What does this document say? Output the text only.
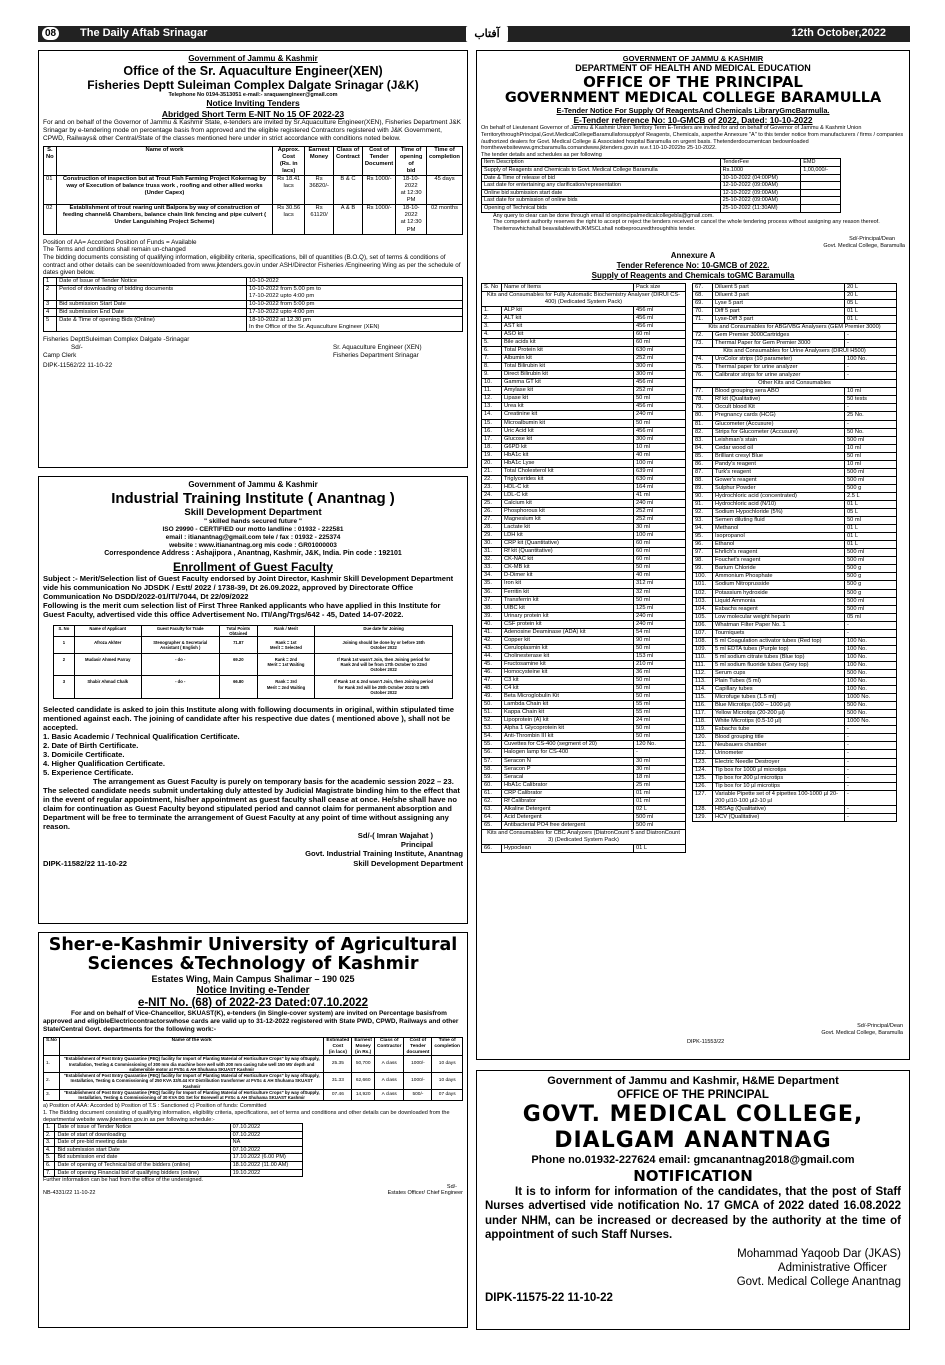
08 The Daily Aftab Srinagar	آفتاب	12th October,2022
Government of Jammu & Kashmir
Office of the Sr. Aquaculture Engineer(XEN)
Fisheries Deptt Suleiman Complex Dalgate Srinagar (J&K)
Telephone No 0194-3513051 e-mail:- sraquaengineer@gmail.com
Notice Inviting Tenders
Abridged Short Term E-NIT No 15 OF 2022-23
For and on behalf of the Governor of Jammu & Kashmir State, e-tenders are invited by Sr.Aquaculture Engineer(XEN), Fisheries Department J&K Srinagar by e-tendering mode on percentage basis from approved and the eligible registered Contractors registered with J&K Government, CPWD, Railways& other Central/State of the classes mentioned here under in strict accordance with conditions noted below.
S.
No	Name of work	Approx.
Cost
(Rs. in lacs)	Earnest
Money	Class of
Contract	Cost of
Tender
Document	Time of
opening of
bid	Time of
completion
01	Construction of inspection but at Trout Fish Farming Project Kokernag by way of Execution of balance truss work , roofing and other allied works (Under Capex)	Rs 18.41
lacs	Rs 36820/-	B & C	Rs 1000/-	18-10-2022
at 12:30 PM	45 days
02	Establishment of trout rearing unit Balpora by way of construction of feeding channel& Chambers, balance chain link fencing and pipe culvert ( Under Languishing Project Scheme)	Rs 30.56 lacs	Rs 61120/	A & B	Rs 1000/-	18-10-2022
at 12:30 PM	02 months
Position of AA= Accorded Position of Funds = Available
The Terms and conditions shall remain un-changed
The bidding documents consisting of qualifying information, eligibility criteria, specifications, bill of quantities (B.O.Q), set of terms & conditions of contract and other details can be seen/downloaded from www.jktenders.gov.in under ASH/Director Fisheries /Engineering Wing as per the schedule of dates given below.
1	Date of Issue of Tender Notice	10-10-2022
2	Period of downloading of bidding documents	10-10-2022 from 5.00 pm to
17-10-2022 upto 4:00 pm
3	Bid submission Start Date	10-10-2022 from 5:00 pm
4	Bid submission End Date	17-10-2022 upto 4:00 pm
5	Date & Time of opening Bids (Online)	18-10-2022 at 12.30 pm
In the Office of the Sr. Aquaculture Engineer (XEN)
Fisheries DepttSuleiman Complex Dalgate -Srinagar
Sd/-	Sr. Aquaculture Engineer (XEN)
Camp Clerk	Fisheries Department Srinagar
DIPK-11562/22 11-10-22
Government of Jammu & Kashmir
Industrial Training Institute ( Anantnag )
Skill Development Department
" skilled hands secured future "
ISO 29990 - CERTIFIED our motto landline : 01932 - 222581
email : itianantnag@gmail.com tele / fax : 01932 - 225374
website : www.itianantnag.org mis code : GR01000003
Correspondence Address : Ashajipora , Anantnag, Kashmir, J&K, India. Pin code : 192101
Enrollment of Guest Faculty
Subject :- Merit/Selection list of Guest Faculty endorsed by Joint Director, Kashmir Skill Development Department vide his communication No JDSDK / Estt/ 2022 / 1738-39, Dt 26.09.2022, approved by Directorate Office Communication No DSDD/2022-01/ITI/7044, Dt 22/09/2022
Following is the merit cum selection list of First Three Ranked applicants who have applied in this Institute for Guest Faculty, advertised vide this office Advertisement No. ITI/Ang/Trgs/642 - 45, Dated 14-07-2022.
S. No	Name of Applicant	Guest Faculty for Trade	Total Points
Obtained	Rank / Merit	Due date for Joining
1	Afroza Akhter	Stenographer & Secretarial
Assistant ( English )	71.87	Rank = 1st
Merit = Selected	Joining should be done by or before 15th
October 2022
2	Mudasir Ahmed Parray	- do -	69.20	Rank = 2nd
Merit = 1st Waiting	If Rank 1st wasn't Join, then Joining period for
Rank 2nd will be from 17th October to 22nd
October 2022
3	Shabir Ahmad Chalk	- do -	66.80	Rank = 3rd
Merit = 2nd Waiting	If Rank 1st & 2nd wasn't Join, then Joining period
for Rank 3rd will be 25th October 2022 to 29th
October 2022
Selected candidate is asked to join this Institute along with following documents in original, within stipulated time mentioned against each. The joining of candidate after his respective due dates ( mentioned above ), shall not be accepted.
1. Basic Academic / Technical Qualification Certificate.
2. Date of Birth Certificate.
3. Domicile Certificate.
4. Higher Qualification Certificate.
5. Experience Certificate.
The arrangement as Guest Faculty is purely on temporary basis for the academic session 2022 – 23. The selected candidate needs submit undertaking duly attested by Judicial Magistrate binding him to the effect that in the event of regular appointment, his/her appointment as guest faculty shall cease at once. He/she shall have no claim for continuation as Guest Faculty beyond stipulated period and cannot claim for permanent absorption and Department will be free to terminate the arrangement of Guest Faculty at any point of time without assigning any reason.
Sd/-( Imran Wajahat )
Principal
Govt. Industrial Training Institute, Anantnag
DIPK-11582/22 11-10-22	Skill Development Department
Sher-e-Kashmir University of Agricultural
Sciences &Technology of Kashmir
Estates Wing, Main Campus Shalimar – 190 025
Notice Inviting e-Tender
e-NIT No. (68) of 2022-23 Dated:07.10.2022
For and on behalf of Vice-Chancellor, SKUAST(K), e-tenders (in Single-cover system) are invited on Percentage basisfrom approved and eligibleElectriccontractorswhose cards are valid up to 31-12-2022 registered with State PWD, CPWD, Railways and other State/Central Govt. departments for the following work:-
S.No	Name of the work	Estimated
Cost
(in lacs)	Earnest
Money
(in Rs.)	Class of
Contractor	Cost of
Tender
document	Time of
completion
1.	"Establishment of Post Entry Quarantine (PEQ) facility for Import of Planting Material of Horticulture Crops" by way ofSupply, Installation, Testing & Commissioning of 300 mm dia machine bore well with 200 mm casing tube well 150 Mtr depth and submersible motor at FVSc & AH Shuhama SKUAST Kashmir	25.35	50,700	A class	1000/-	10 days
2.	"Establishment of Post Entry Quarantine (PEQ) facility for Import of Planting Material of Horticulture Crops" by way ofSupply, Installation, Testing & Commissioning of 250 KVA 33/0.44 KV Distribution transformer at FVSc & AH Shuhama SKUAST Kashmir	31.33	62,660	A class	1000/-	10 days
3.	"Establishment of Post Entry Quarantine (PEQ) facility for Import of Planting Material of Horticulture Crops" by way ofSupply, Installation, Testing & Commissioning of 30 KVA DG Set for Borewell at FVSc & AH Shuhama SKUAST Kashmir	07.46	14,920	A class	500/-	07 days
a) Position of AAA: Accorded b) Position of T.S : Sanctioned c) Position of funds: Committed
1. The Bidding document consisting of qualifying information, eligibility criteria, specifications, set of terms and conditions and other details can be downloaded from the departmental website www.jktenders.gov.in as per following schedule:-
1.	Date of issue of Tender Notice	07.10.2022
2.	Date of start of downloading	07.10.2022
3.	Date of pre-bid meeting date	NA
4.	Bid submission start Date	07.10.2022
5.	Bid submission end date	17.10.2022 (6.00 PM)
6.	Date of opening of Technical bid of the bidders (online)	18.10.2022 (11.00 AM)
7.	Date of opening Financial bid of qualifying bidders (online)	19.10.2022
Further information can be had from the office of the undersigned.
Sd/-
NB-4331/22 11-10-22	Estates Officer/ Chief Engineer
GOVERNMENT OF JAMMU & KASHMIR
DEPARTMENT OF HEALTH AND MEDICAL EDUCATION
OFFICE OF THE PRINCIPAL
GOVERNMENT MEDICAL COLLEGE BARAMULLA
E-Tender Notice For Supply Of ReagentsAnd Chemicals LibraryGmcBarmulla.
E-Tender reference No: 10-GMCB of 2022, Dated: 10-10-2022
On behalf of Lieutenant Governor of Jammu & Kashmir Union Territory Term E-Tenders are invited for and on behalf of Governor of Jammu & Kashmir Union TerritorythroughPrincipal,Govt.MedicalCollegeBaramullaforsupplyof Reagents, Chemicals, asperthe Annexure "A" to this tender notice from manufacturers / firms / companies /authorized dealers for Govt. Medical College & Associated hospital Baramulla on urgent basis. Thetenderdocumentcan bedownloaded fromthewebsitewww.gmcbaramulla.comandwww.jktenders.gov.in w.e.f.10-10-2022to 25-10-2022.
The tender details and schedules as per following
Item Description	TenderFee	EMD
Supply of Reagents and Chemicals to Govt. Medical College Baramulla	Rs.1000	1,00,000/-
Date & Time of release of bid	10-10-2022 (04:00PM)	
Last date for entertaining any clarification/representation	12-10-2022 (09:00AM)	
Online bid submission start date	12-10-2022 (09:00AM)	
Last date for submission of online bids	25-10-2022 (09:00AM)	
Opening of Technical bids	25-10-2022 (11:30AM)	
Any query to clear can be done through email id onprincipalmedicalcollegebla@gmail.com.
The competent authority reserves the right to accept or reject the tenders received or cancel the whole tendering process without assigning any reason thereof.
Theitemswhichshall beavailablewithJKMSCLshall notbeprocuredthroughthis tender.
Sd/-Principal/Dean
Govt. Medical College, Baramulla
Annexure A
Tender Reference No: 10-GMCB of 2022.
Supply of Reagents and Chemicals toGMC Baramulla
S. No	Name of Items	Pack size
Kits and Consumables for Fully Automatic Biochemistry Analyser (DIRUI CS-400) (Dedicated System Pack)		
1.	ALP kit	456 ml
2.	ALT kit	456 ml
3.	AST kit	456 ml
4.	ASO kit	60 ml
5.	Bile acids kit	60 ml
6.	Total Protein kit	630 ml
7.	Albumin kit	252 ml
8.	Total Bilirubin kit	300 ml
9.	Direct Bilirubin kit	300 ml
10.	Gamma GT kit	456 ml
11.	Amylase kit	252 ml
12.	Lipase kit	50 ml
13.	Urea kit	456 ml
14.	Creatinine kit	240 ml
15.	Microalbumin kit	50 ml
16.	Uric Acid kit	456 ml
17.	Glucose kit	300 ml
18.	G6PD kit	10 ml
19.	HbA1c kit	40 ml
20.	HbA1c Lyse	100 ml
21.	Total Cholesterol kit	639 ml
22.	Triglycerides kit	630 ml
23.	HDL-C kit	164 ml
24.	LDL-C kit	41 ml
25.	Calcium kit	240 ml
26.	Phosphorous kit	252 ml
27.	Magnesium kit	252 ml
28.	Lactate kit	30 ml
29.	LDH kit	100 ml
30.	CRP kit (Quantitative)	60 ml
31.	Rf kit (Quantitative)	60 ml
32.	CK-NAC kit	60 ml
33.	CK-MB kit	50 ml
34.	D-Dimer kit	40 ml
35.	Iron kit	312 ml
36.	Ferritin kit	32 ml
37.	Transferrin kit	50 ml
38.	UIBC kit	125 ml
39.	Urinary protein kit	240 ml
40.	CSF protein kit	240 ml
41.	Adenosine Deaminase (ADA) kit	54 ml
42.	Copper kit	90 ml
43.	Ceruloplasmin kit	50 ml
44.	Cholinesterase kit	153 ml
45.	Fructosamine kit	210 ml
46.	Homocysteine kit	36 ml
47.	C3 kit	50 ml
48.	C4 kit	50 ml
49.	Beta Microglobulin Kit	50 ml
50.	Lambda Chain kit	55 ml
51.	Kappa Chain kit	55 ml
52.	Lipoprotein (A) kit	24 ml
53.	Alpha 1 Glycoprotein kit	50 ml
54.	Anti-Thrombin III kit	50 ml
55.	Cuvettes for CS-400 (segment of 20)	120 No.
56.	Halogen lamp for CS-400	-
57.	Seracon N	30 ml
58.	Seracon P	30 ml
59.	Seracal	18 ml
60.	HbA1c Calibrator	25 ml
61.	CRP Calibrator	01 ml
62.	Rf Calibrator	01 ml
63.	Alkaline Detergent	02 L
64.	Acid Detergent	500 ml
65.	Antibacterial PO4 free detergent	500 ml
Kits and Consumables for CBC Analyzers (DiatronCount 5 and DiatronCount 3) (Dedicated System Pack)		
66.	Hypoclean	01 L
67.	Diluent 5 part	20 L
68.	Diluent 3 part	20 L
69.	Lyse 5 part	05 L
70.	Diff 5 part	01 L
71.	Lyse-Diff 3 part	01 L
Kits and Consumables for ABG/VBG Analysers (GEM Premier 3000)		
72.	Gem Premier 3000Cartridges	-
73.	Thermal Paper for Gem Premier 3000	-
Kits and Consumables for Urine Analysers (DIRUI H500)		
74.	UroColor strips (10 parameter)	100 No.
75.	Thermal paper for urine analyzer	-
76.	Calibrator strips for urine analyzer	-
Other Kits and Consumables		
77.	Blood grouping sera ABO	10 ml
78.	Rf kit (Qualitative)	50 tests
79.	Occult blood Kit	-
80.	Pregnancy cards (HCG)	25 No.
81.	Glucometer (Accusure)	-
82.	Strips for Glucometer (Accusure)	50 No.
83.	Leishman's stain	500 ml
84.	Cedar wood oil	10 ml
85.	Brilliant cresyl Blue	50 ml
86.	Pandy's reagent	10 ml
87.	Turk's reagent	500 ml
88.	Gower's reagent	500 ml
89.	Sulphur Powder	500 g
90.	Hydrochloric acid (concentrated)	2.5 L
91.	Hydrochloric acid (N/10)	01 L
92.	Sodium Hypochloride (5%)	05 L
93.	Semen diluting fluid	50 ml
94.	Methanol	01 L
95.	Isopropanol	01 L
96.	Ethanol	01 L
97.	Ehrlich's reagent	500 ml
98.	Fouchet's reagent	500 ml
99.	Barium Chloride	500 g
100.	Ammonium Phosphate	500 g
101.	Sodium Nitroprusside	500 g
102.	Potassium hydroxide	500 g
103.	Liquid Ammonia	500 ml
104.	Esbachs reagent	500 ml
105.	Low molecular weight heparin	05 ml
106.	Whatman Filter Paper No. 1	-
107.	Tourniquets	-
108.	5 ml Coagulation activator tubes (Red top)	100 No.
109.	5 ml EDTA tubes (Purple top)	100 No.
110.	5 ml sodium citrate tubes (Blue top)	100 No.
111.	5 ml sodium fluoride tubes (Grey top)	100 No.
112.	Serum cups	500 No.
113.	Plain Tubes (5 ml)	100 No.
114.	Capillary tubes	100 No.
115.	Microfuge tubes (1.5 ml)	1000 No.
116.	Blue Microtips (100 – 1000 µl)	500 No.
117.	Yellow Microtips (20-200 µl)	500 No.
118.	White Microtips (0.5-10 µl)	1000 No.
119.	Esbachs tube	-
120.	Blood grouping title	-
121.	Neubauers chamber	-
122.	Urinometer	-
123.	Electric Needle Destroyer	-
124.	Tip box for 1000 µl microtips	-
125.	Tip box for 200 µl microtips	-
126.	Tip box for 10 µl microtips	-
127.	Variable Pipette set of 4 pipettes 100-1000 µl 20-200 µl10-100 µl2-10 µl	-
128.	HBSAg (Qualitative)	-
129.	HCV (Qualitative)	-
Sd/-Principal/Dean
Govt. Medical College, Baramulla
DIPK-11553/22
Government of Jammu and Kashmir, H&ME Department
OFFICE OF THE PRINCIPAL
GOVT. MEDICAL COLLEGE,
DIALGAM ANANTNAG
Phone no.01932-227624 email: gmcanantnag2018@gmail.com
NOTIFICATION
It is to inform for information of the candidates, that the post of Staff Nurses advertised vide notification No. 17 GMCA of 2022 dated 16.08.2022 under NHM, can be increased or decreased by the authority at the time of appointment of such Staff Nurses.
Mohammad Yaqoob Dar (JKAS)
Administrative Officer
Govt. Medical College Anantnag
DIPK-11575-22 11-10-22
